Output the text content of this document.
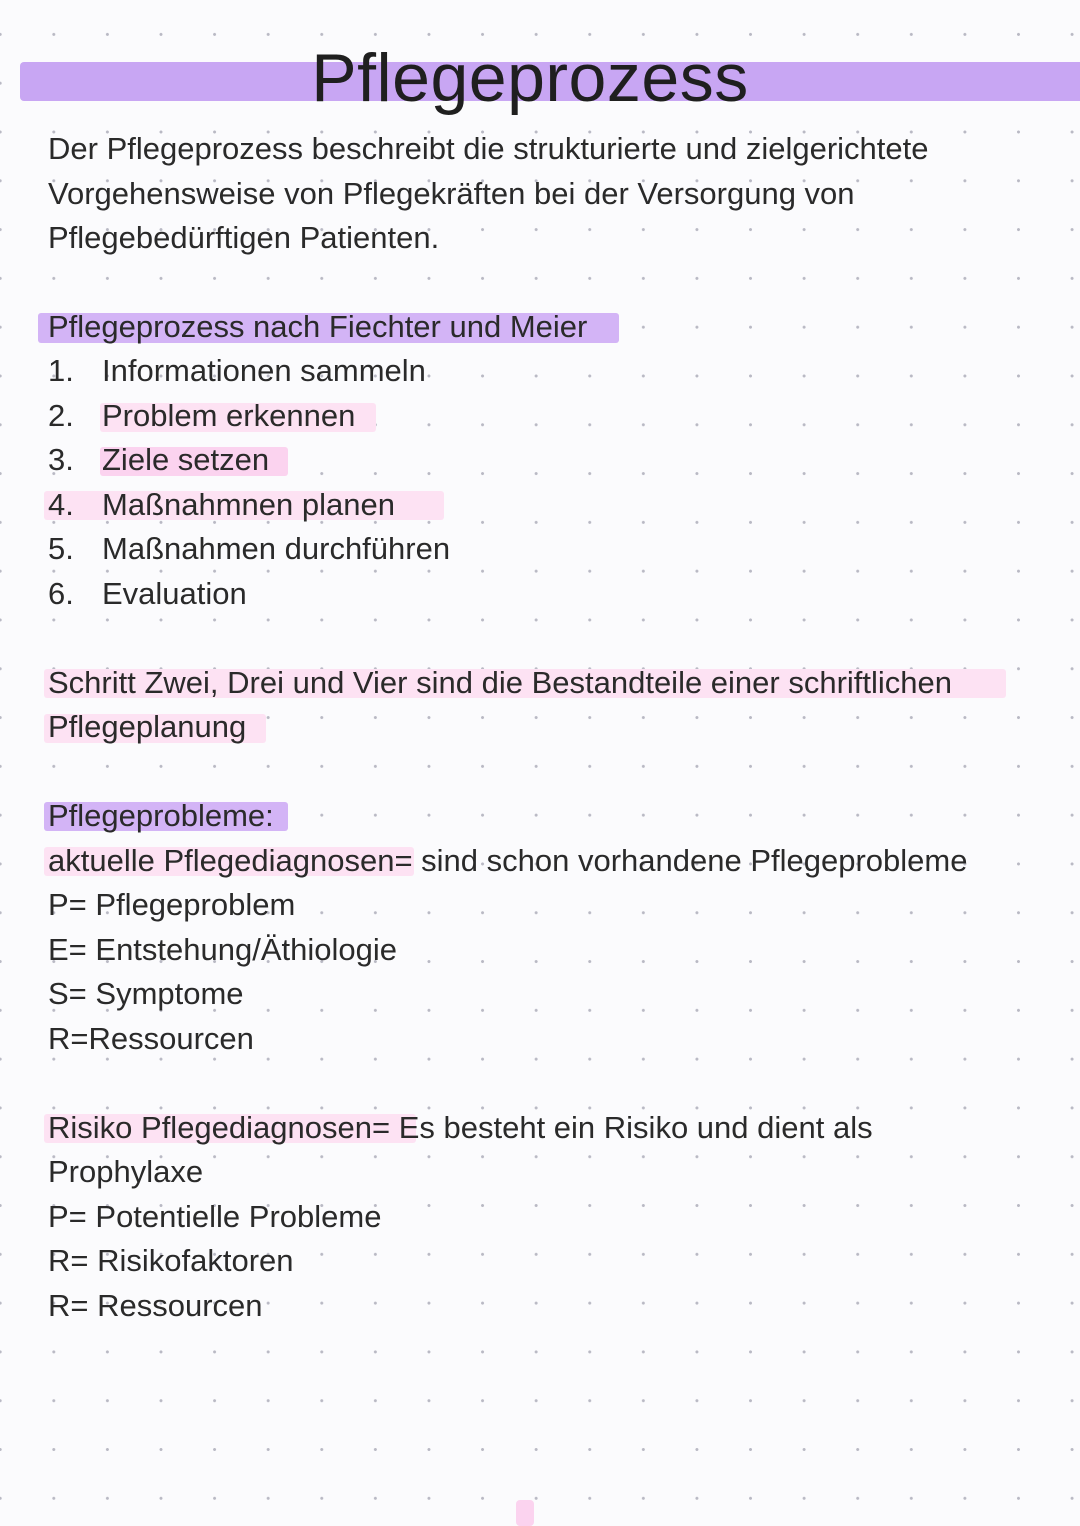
Pflegeprozess
Der Pflegeprozess beschreibt die strukturierte und zielgerichtete
Vorgehensweise von Pflegekräften bei der Versorgung von
Pflegebedürftigen Patienten.
Pflegeprozess nach Fiechter und Meier
1. Informationen sammeln
2. Problem erkennen
3. Ziele setzen
4. Maßnahmnen planen
5. Maßnahmen durchführen
6. Evaluation
Schritt Zwei, Drei und Vier sind die Bestandteile einer schriftlichen
Pflegeplanung
Pflegeprobleme:
aktuelle Pflegediagnosen= sind schon vorhandene Pflegeprobleme
P= Pflegeproblem
E= Entstehung/Äthiologie
S= Symptome
R=Ressourcen
Risiko Pflegediagnosen= Es besteht ein Risiko und dient als
Prophylaxe
P= Potentielle Probleme
R= Risikofaktoren
R= Ressourcen
